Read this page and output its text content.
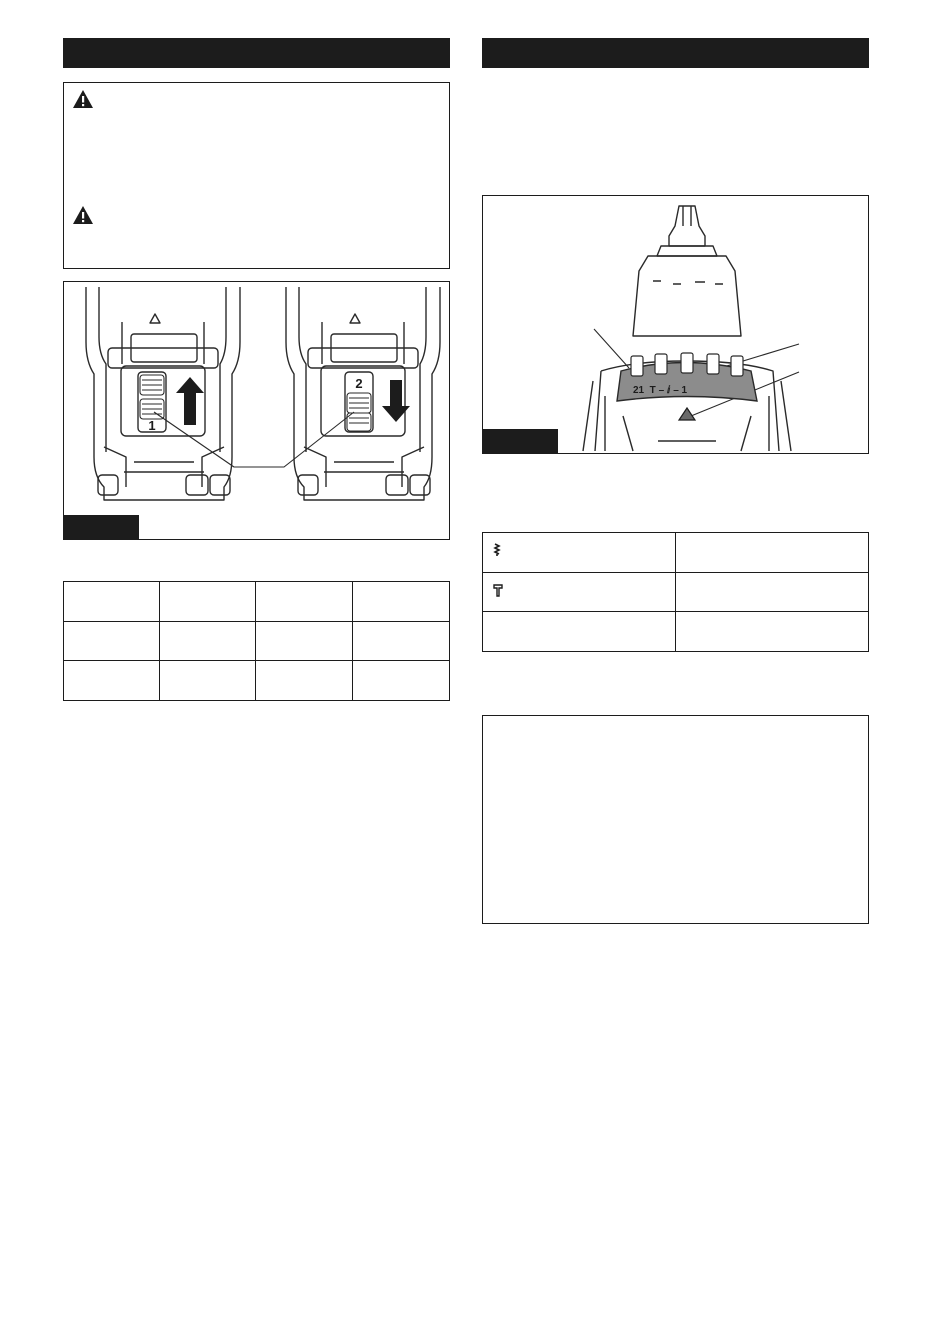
1
2

				21  T – ⅈ – 1
